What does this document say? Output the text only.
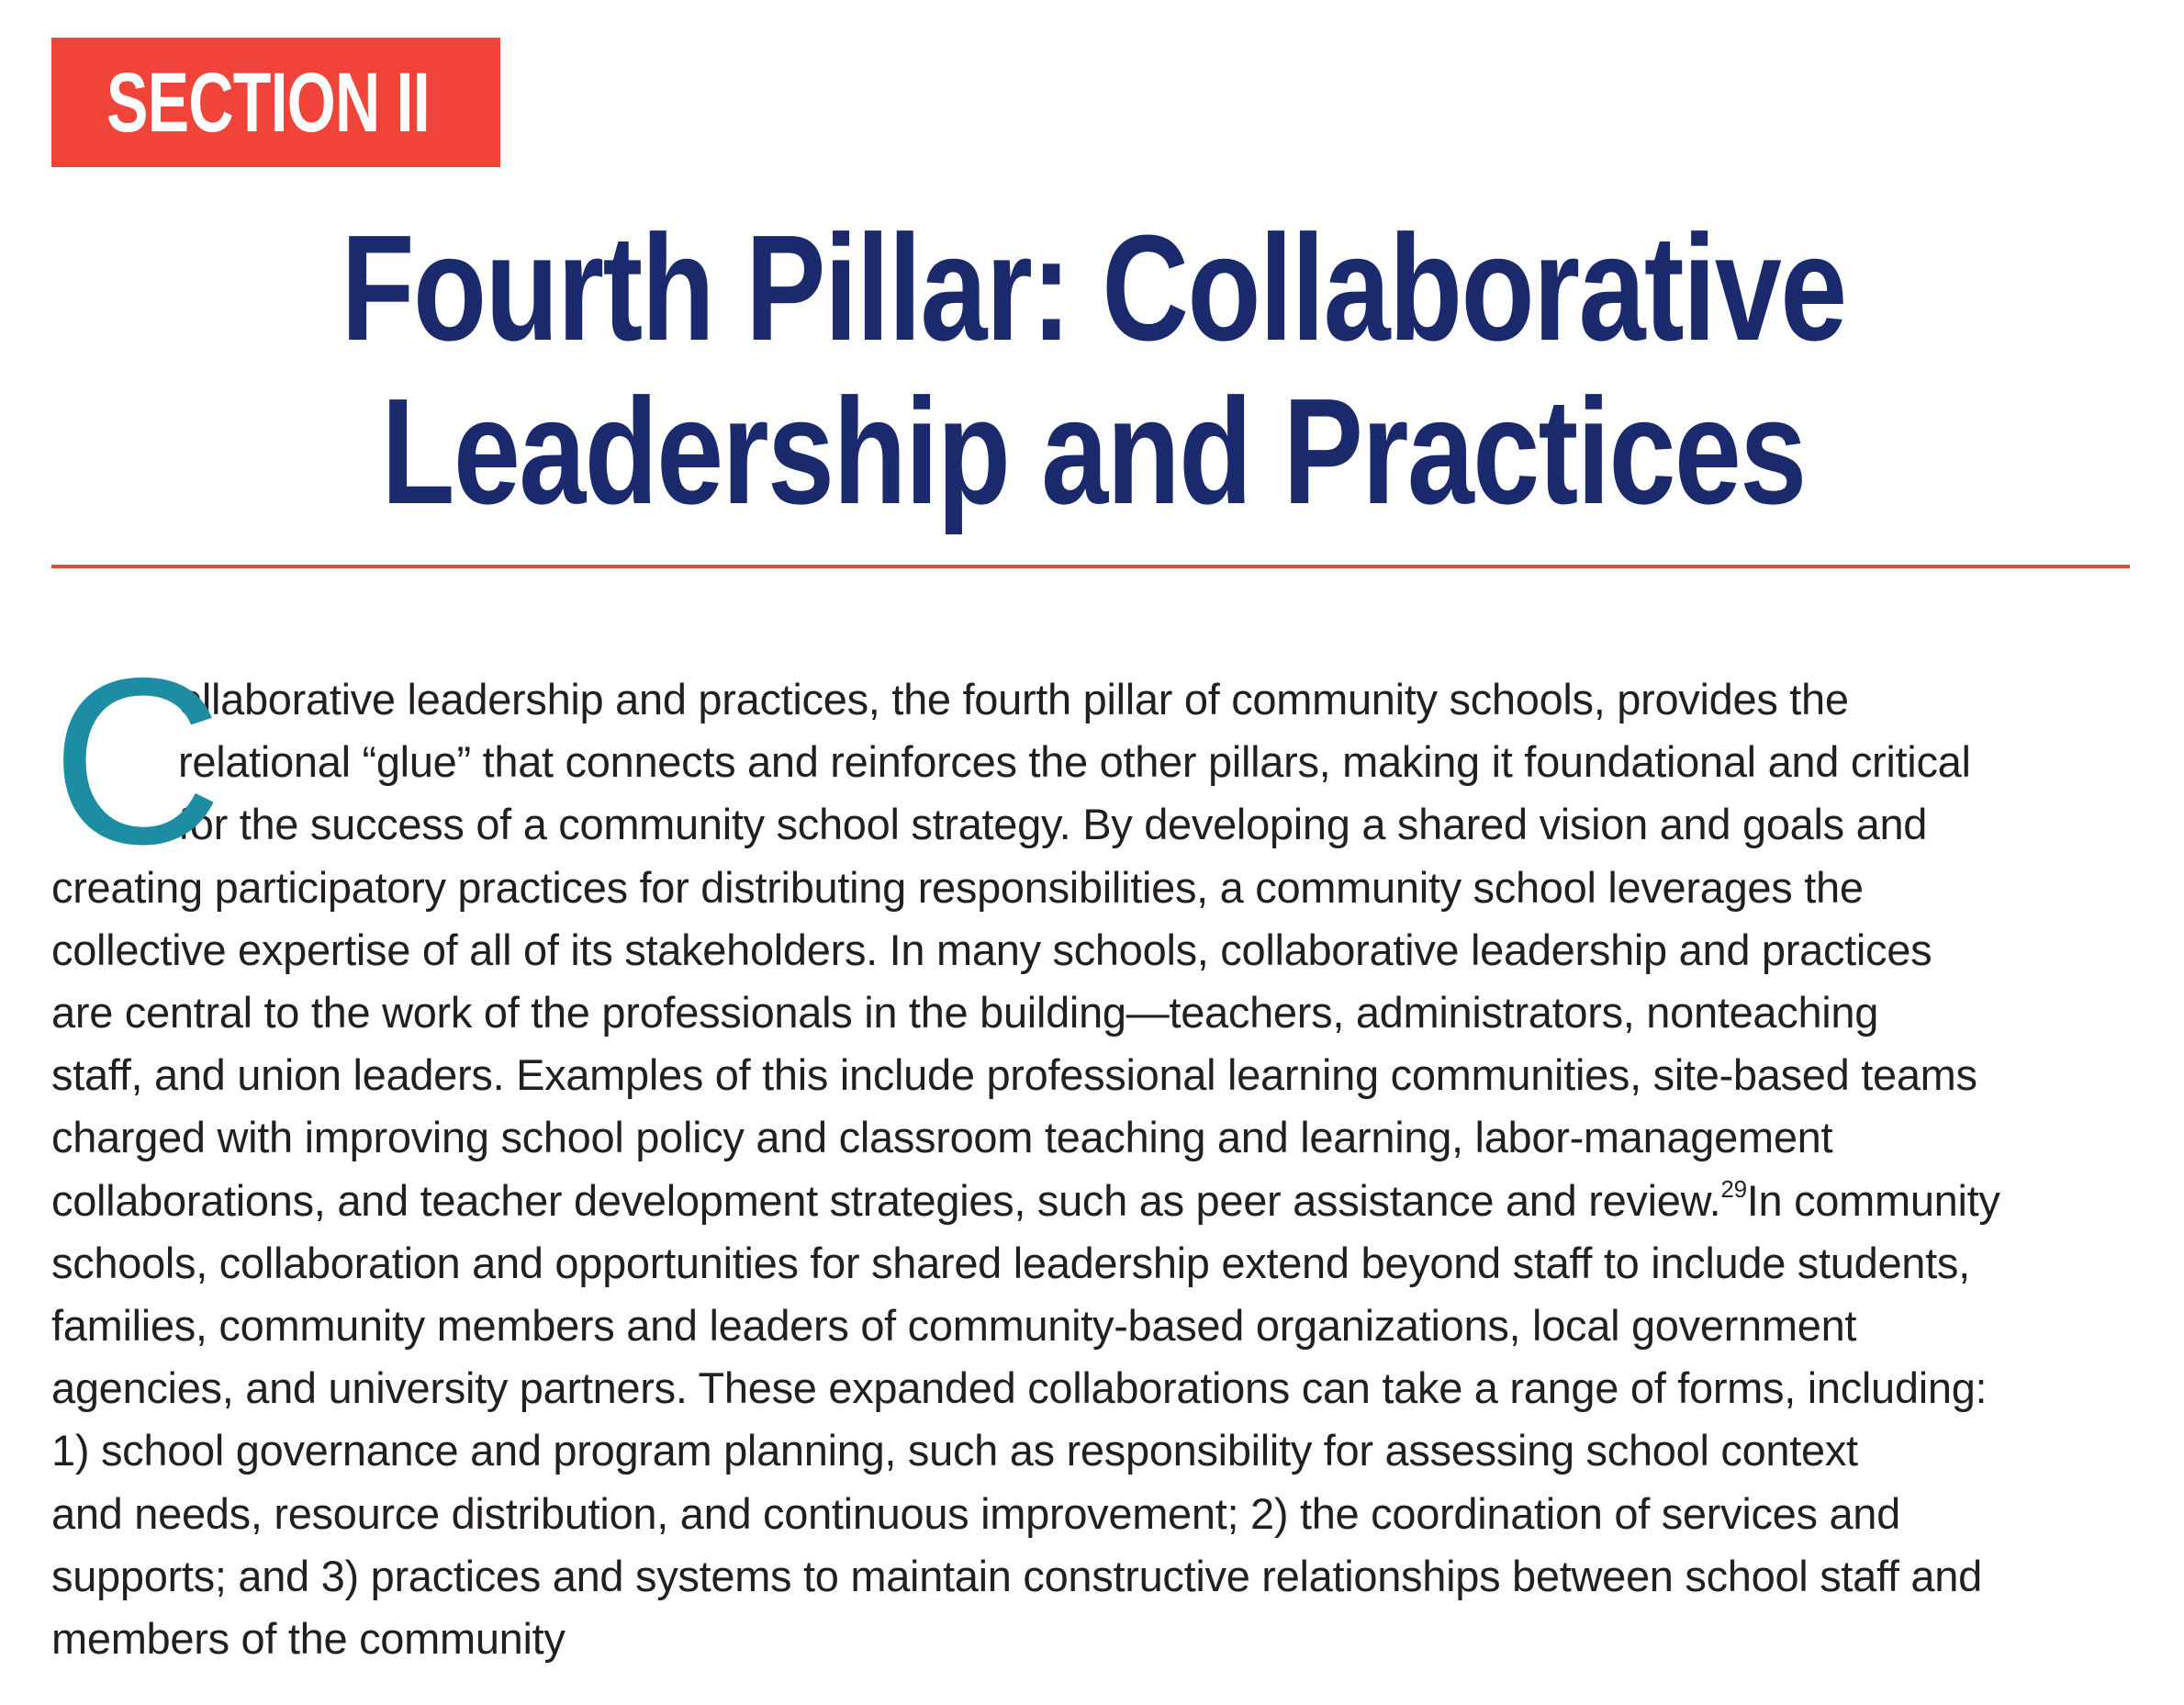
SECTION II
Fourth Pillar: Collaborative
Leadership and Practices
C
ollaborative leadership and practices, the fourth pillar of community schools, provides the
relational “glue” that connects and reinforces the other pillars, making it foundational and critical
for the success of a community school strategy. By developing a shared vision and goals and
creating participatory practices for distributing responsibilities, a community school leverages the
collective expertise of all of its stakeholders. In many schools, collaborative leadership and practices
are central to the work of the professionals in the building—teachers, administrators, nonteaching
staff, and union leaders. Examples of this include professional learning communities, site-based teams
charged with improving school policy and classroom teaching and learning, labor-management
collaborations, and teacher development strategies, such as peer assistance and review.$^{29}$In community
schools, collaboration and opportunities for shared leadership extend beyond staff to include students,
families, community members and leaders of community-based organizations, local government
agencies, and university partners. These expanded collaborations can take a range of forms, including:
1) school governance and program planning, such as responsibility for assessing school context
and needs, resource distribution, and continuous improvement; 2) the coordination of services and
supports; and 3) practices and systems to maintain constructive relationships between school staff and
members of the community
